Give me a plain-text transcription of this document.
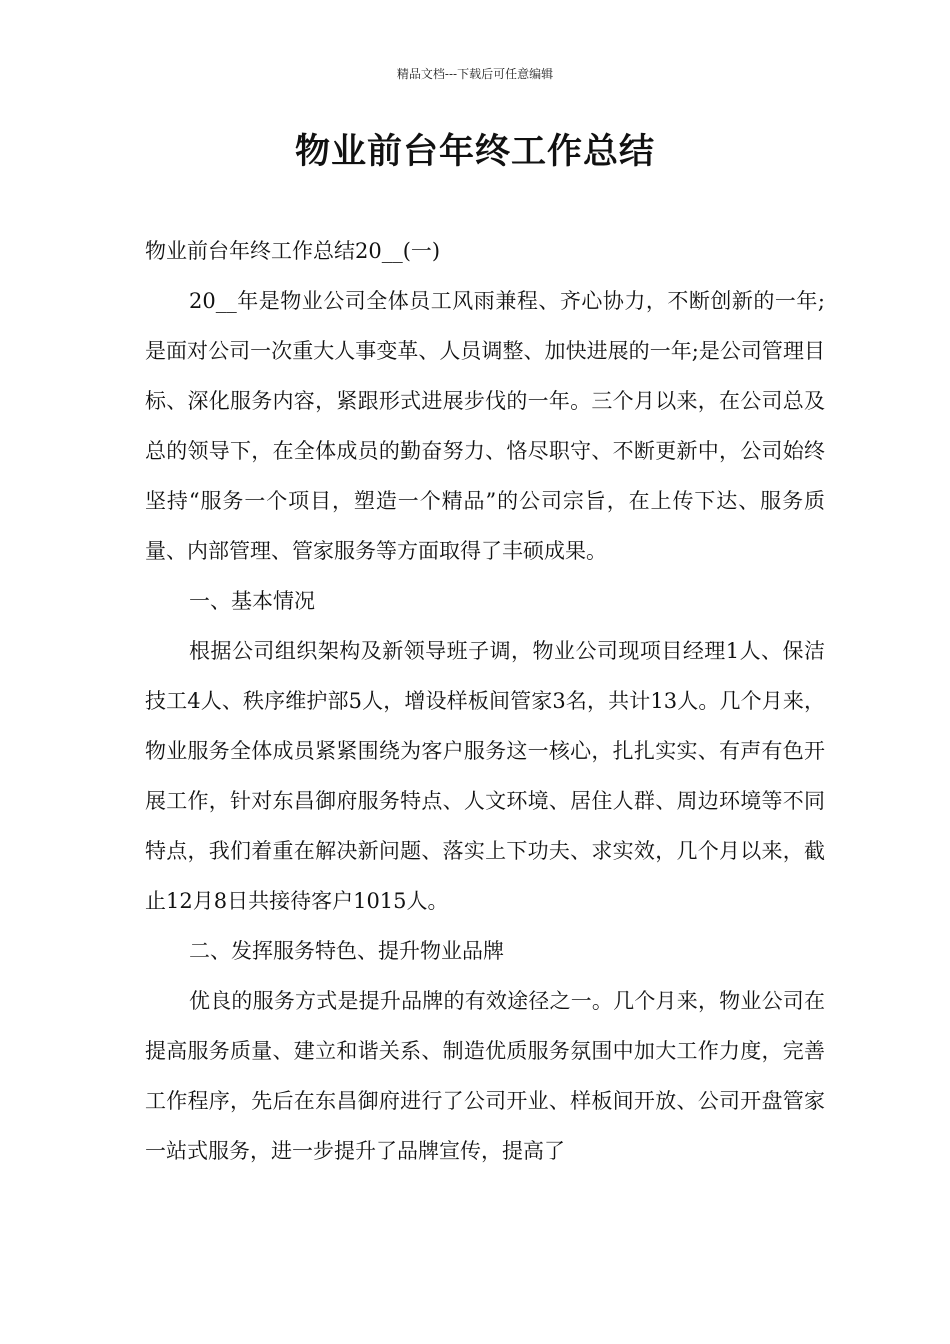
精品文档---下载后可任意编辑
物业前台年终工作总结

物业前台年终工作总结20__(一)

20__年是物业公司全体员工风雨兼程、齐心协力，不断创新的一年;是面对公司一次重大人事变革、人员调整、加快进展的一年;是公司管理目标、深化服务内容，紧跟形式进展步伐的一年。三个月以来，在公司总及总的领导下，在全体成员的勤奋努力、恪尽职守、不断更新中，公司始终坚持“服务一个项目，塑造一个精品”的公司宗旨，在上传下达、服务质量、内部管理、管家服务等方面取得了丰硕成果。

一、基本情况

根据公司组织架构及新领导班子调，物业公司现项目经理1人、保洁技工4人、秩序维护部5人，增设样板间管家3名，共计13人。几个月来，物业服务全体成员紧紧围绕为客户服务这一核心，扎扎实实、有声有色开展工作，针对东昌御府服务特点、人文环境、居住人群、周边环境等不同特点，我们着重在解决新问题、落实上下功夫、求实效，几个月以来，截止12月8日共接待客户1015人。

二、发挥服务特色、提升物业品牌

优良的服务方式是提升品牌的有效途径之一。几个月来，物业公司在提高服务质量、建立和谐关系、制造优质服务氛围中加大工作力度，完善工作程序，先后在东昌御府进行了公司开业、样板间开放、公司开盘管家一站式服务，进一步提升了品牌宣传，提高了
